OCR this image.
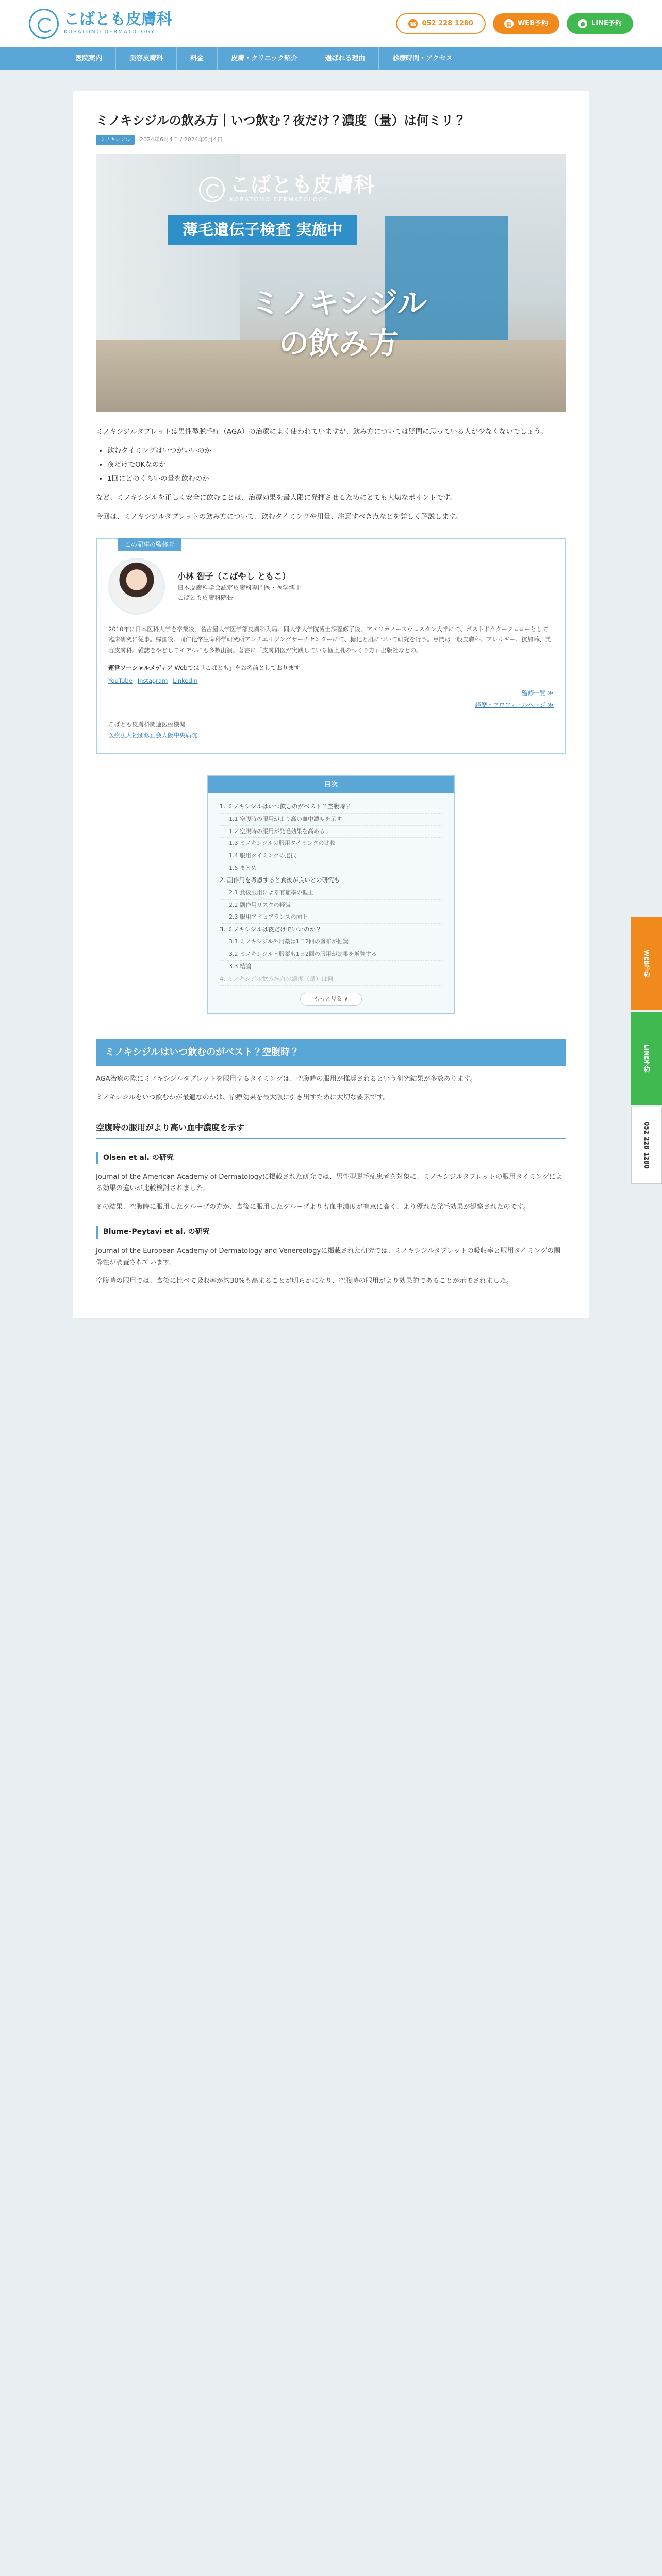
こばとも皮膚科
KOBATOMO DERMATOLOGY
☎ 052 228 1280	▦ WEB予約	● LINE予約
医院案内	美容皮膚科	料金	皮膚・クリニック紹介	選ばれる理由	診療時間・アクセス
ミノキシジルの飲み方｜いつ飲む？夜だけ？濃度（量）は何ミリ？
ミノキシジル	2024年6月4日 / 2024年6月4日
こばとも皮膚科
KOBATOMO DERMATOLOGY
薄毛遺伝子検査 実施中
ミノキシジル
の飲み方

ミノキシジルタブレットは男性型脱毛症（AGA）の治療によく使われていますが、飲み方については疑問に思っている人が少なくないでしょう。

• 飲むタイミングはいつがいいのか
• 夜だけでOKなのか
• 1回にどのくらいの量を飲むのか

など、ミノキシジルを正しく安全に飲むことは、治療効果を最大限に発揮させるためにとても大切なポイントです。

今回は、ミノキシジルタブレットの飲み方について、飲むタイミングや用量、注意すべき点などを詳しく解説します。

この記事の監修者
小林 智子（こばやし ともこ）
日本皮膚科学会認定皮膚科専門医・医学博士
こばとも皮膚科院長

2010年に日本医科大学を卒業後、名古屋大学医学部皮膚科入局。同大学大学院博士課程修了後、アメリカノースウェスタン大学にて、ポストドクターフェローとして臨床研究に従事。帰国後、同仁化学生命科学研究所アンチエイジングサーチセンターにて、糖化と肌について研究を行う。専門は一般皮膚科、アレルギー、抗加齢、美容皮膚科。雑誌をやどしこモデルにも多数出演。著書に「皮膚科医が実践している極上肌のつくり方」出版社などの。

運営ソーシャルメディア Webでは「こばとも」をお名前としております
YouTube Instagram LinkedIn
監修一覧 ≫
経歴・プロフィールページ ≫
こばとも皮膚科関連医療機関
医療法人社団修正会大阪中央病院
目次
1. ミノキシジルはいつ飲むのがベスト？空腹時？
1.1 空腹時の服用がより高い血中濃度を示す
1.2 空腹時の服用が発毛効果を高める
1.3 ミノキシジルの服用タイミングの比較
1.4 服用タイミングの選択
1.5 まとめ
2. 副作用を考慮すると食後が良いとの研究も
2.1 食後服用による有症率の低上
2.2 副作用リスクの軽減
2.3 服用アドヒアランスの向上
3. ミノキシジルは夜だけでいいのか？
3.1 ミノキシジル外用薬は1日2回の塗布が推奨
3.2 ミノキシジル内服薬も1日2回の服用が効果を増強する
3.3 結論
4. ミノキシジル飲み忘れの濃度（量）は何
もっと見る ∨
ミノキシジルはいつ飲むのがベスト？空腹時？

AGA治療の際にミノキシジルタブレットを服用するタイミングは、空腹時の服用が推奨されるという研究結果が多数あります。

ミノキシジルをいつ飲むかが最適なのかは、治療効果を最大限に引き出すために大切な要素です。

空腹時の服用がより高い血中濃度を示す
Olsen et al. の研究

Journal of the American Academy of Dermatologyに掲載された研究では、男性型脱毛症患者を対象に、ミノキシジルタブレットの服用タイミングによる効果の違いが比較検討されました。

その結果、空腹時に服用したグループの方が、食後に服用したグループよりも血中濃度が有意に高く、より優れた発毛効果が観察されたのです。

Blume-Peytavi et al. の研究

Journal of the European Academy of Dermatology and Venereologyに掲載された研究では、ミノキシジルタブレットの吸収率と服用タイミングの関係性が調査されています。

空腹時の服用では、食後に比べて吸収率が約30%も高まることが明らかになり、空腹時の服用がより効果的であることが示唆されました。

WEB予約
LINE予約
052 228 1280
